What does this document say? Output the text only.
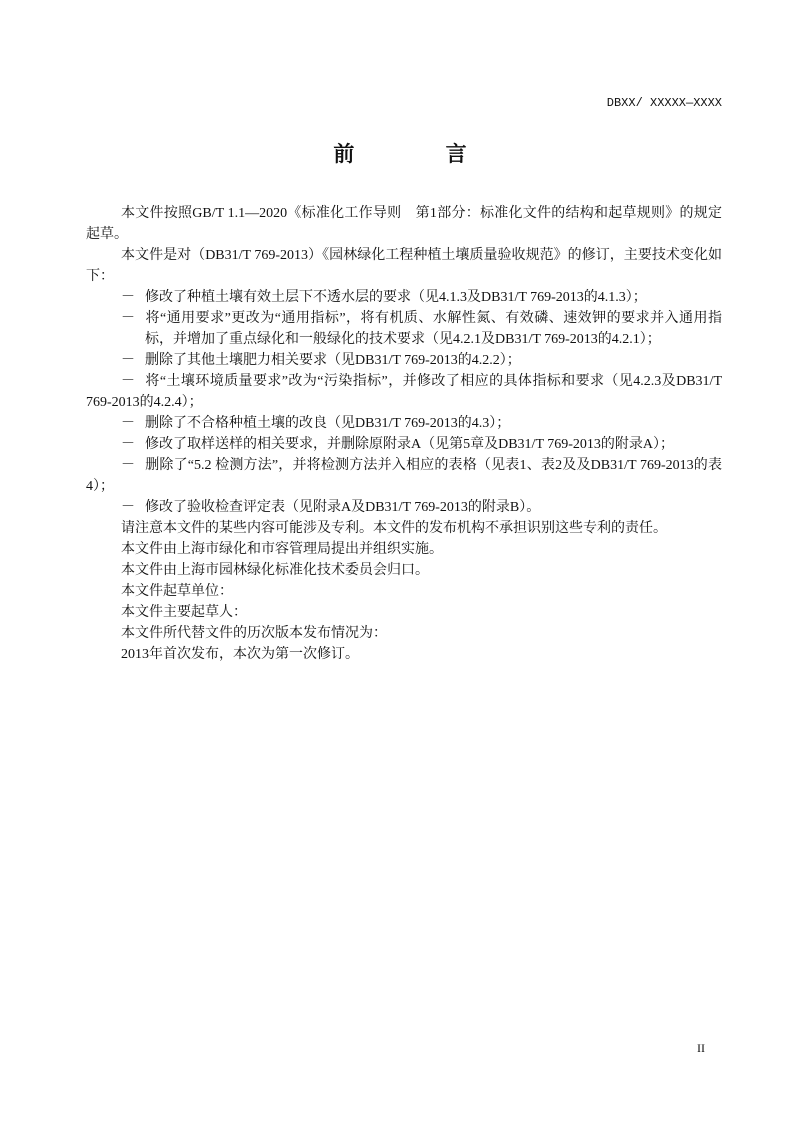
DBXX/ XXXXX—XXXX
前 言

本文件按照GB/T 1.1—2020《标准化工作导则　第1部分：标准化文件的结构和起草规则》的规定起草。

本文件是对（DB31/T 769-2013）《园林绿化工程种植土壤质量验收规范》的修订，主要技术变化如下：

－ 修改了种植土壤有效土层下不透水层的要求（见4.1.3及DB31/T 769-2013的4.1.3）；

－ 将“通用要求”更改为“通用指标”，将有机质、水解性氮、有效磷、速效钾的要求并入通用指标，并增加了重点绿化和一般绿化的技术要求（见4.2.1及DB31/T 769-2013的4.2.1）；

－ 删除了其他土壤肥力相关要求（见DB31/T 769-2013的4.2.2）；

－ 将“土壤环境质量要求”改为“污染指标”，并修改了相应的具体指标和要求（见4.2.3及DB31/T 769-2013的4.2.4）；

－ 删除了不合格种植土壤的改良（见DB31/T 769-2013的4.3）；

－ 修改了取样送样的相关要求，并删除原附录A（见第5章及DB31/T 769-2013的附录A）；

－ 删除了“5.2 检测方法”，并将检测方法并入相应的表格（见表1、表2及及DB31/T 769-2013的表4）；

－ 修改了验收检查评定表（见附录A及DB31/T 769-2013的附录B）。

请注意本文件的某些内容可能涉及专利。本文件的发布机构不承担识别这些专利的责任。

本文件由上海市绿化和市容管理局提出并组织实施。

本文件由上海市园林绿化标准化技术委员会归口。

本文件起草单位：

本文件主要起草人：

本文件所代替文件的历次版本发布情况为：

2013年首次发布，本次为第一次修订。

II
